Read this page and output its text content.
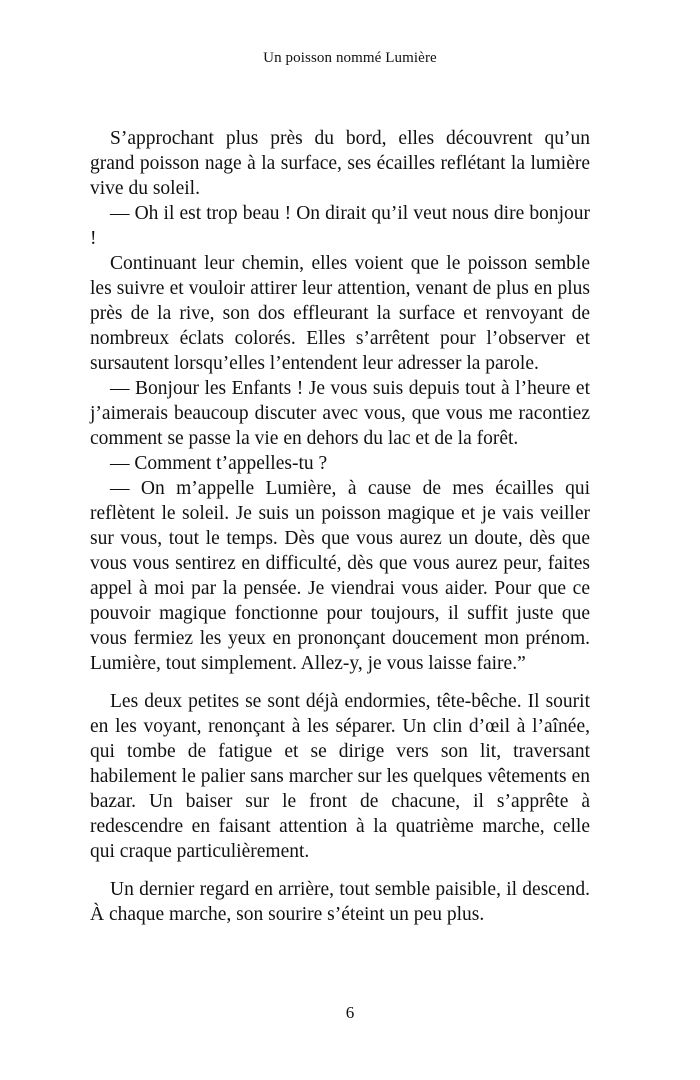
Un poisson nommé Lumière

S’approchant plus près du bord, elles découvrent qu’un grand poisson nage à la surface, ses écailles reflétant la lumière vive du soleil.

— Oh il est trop beau ! On dirait qu’il veut nous dire bonjour !

Continuant leur chemin, elles voient que le poisson semble les suivre et vouloir attirer leur attention, venant de plus en plus près de la rive, son dos effleurant la surface et renvoyant de nombreux éclats colorés. Elles s’arrêtent pour l’observer et sursautent lorsqu’elles l’entendent leur adresser la parole.

— Bonjour les Enfants ! Je vous suis depuis tout à l’heure et j’aimerais beaucoup discuter avec vous, que vous me racontiez comment se passe la vie en dehors du lac et de la forêt.

— Comment t’appelles-tu ?

— On m’appelle Lumière, à cause de mes écailles qui reflètent le soleil. Je suis un poisson magique et je vais veiller sur vous, tout le temps. Dès que vous aurez un doute, dès que vous vous sentirez en difficulté, dès que vous aurez peur, faites appel à moi par la pensée. Je viendrai vous aider. Pour que ce pouvoir magique fonctionne pour toujours, il suffit juste que vous fermiez les yeux en prononçant doucement mon prénom. Lumière, tout simplement. Allez-y, je vous laisse faire.”

Les deux petites se sont déjà endormies, tête-bêche. Il sourit en les voyant, renonçant à les séparer. Un clin d’œil à l’aînée, qui tombe de fatigue et se dirige vers son lit, traversant habilement le palier sans marcher sur les quelques vêtements en bazar. Un baiser sur le front de chacune, il s’apprête à redescendre en faisant attention à la quatrième marche, celle qui craque particulièrement.

Un dernier regard en arrière, tout semble paisible, il descend. À chaque marche, son sourire s’éteint un peu plus.

6
